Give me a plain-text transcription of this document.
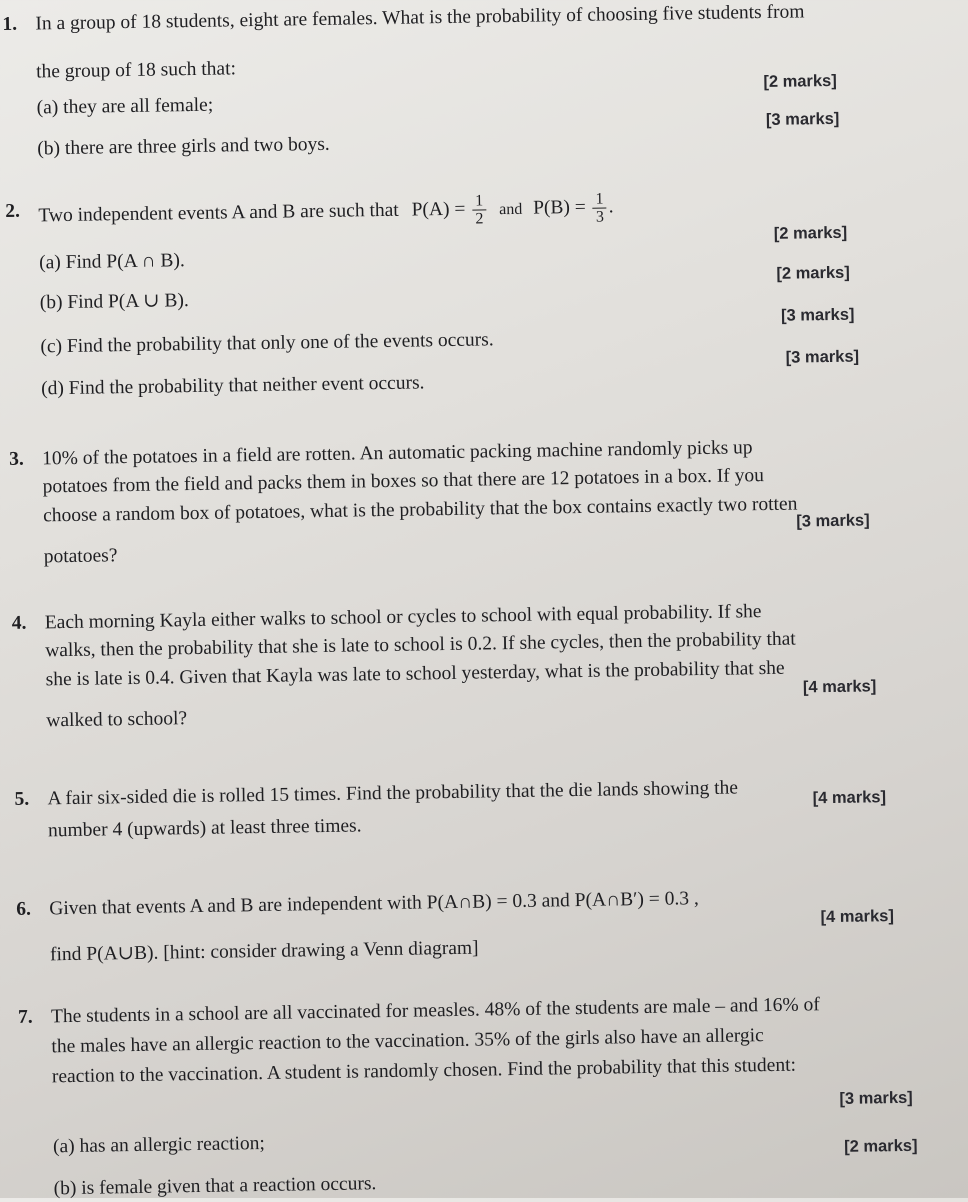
1. In a group of 18 students, eight are females. What is the probability of choosing five students from
the group of 18 such that:	[2 marks]
(a) they are all female;
[3 marks]
(b) there are three girls and two boys.
2. Two independent events A and B are such that $P(A) = \frac{1}{2}$ and $P(B) = \frac{1}{3}$ .
[2 marks]
(a) Find P(A ∩ B).	[2 marks]
(b) Find P(A ∪ B).
[3 marks]
(c) Find the probability that only one of the events occurs.	[3 marks]
(d) Find the probability that neither event occurs.
3. 10% of the potatoes in a field are rotten. An automatic packing machine randomly picks up
potatoes from the field and packs them in boxes so that there are 12 potatoes in a box. If you
choose a random box of potatoes, what is the probability that the box contains exactly two rotten
[3 marks]
potatoes?
4. Each morning Kayla either walks to school or cycles to school with equal probability. If she
walks, then the probability that she is late to school is 0.2. If she cycles, then the probability that
she is late is 0.4. Given that Kayla was late to school yesterday, what is the probability that she [4 marks]
walked to school?
5. A fair six-sided die is rolled 15 times. Find the probability that the die lands showing the	[4 marks]
number 4 (upwards) at least three times.
6. Given that events A and B are independent with P(A∩B) = 0.3 and P(A∩B′) = 0.3 ,	[4 marks]
find P(A∪B). [hint: consider drawing a Venn diagram]
7. The students in a school are all vaccinated for measles. 48% of the students are male – and 16% of
the males have an allergic reaction to the vaccination. 35% of the girls also have an allergic
reaction to the vaccination. A student is randomly chosen. Find the probability that this student:
[3 marks]
(a) has an allergic reaction;	[2 marks]
(b) is female given that a reaction occurs.
